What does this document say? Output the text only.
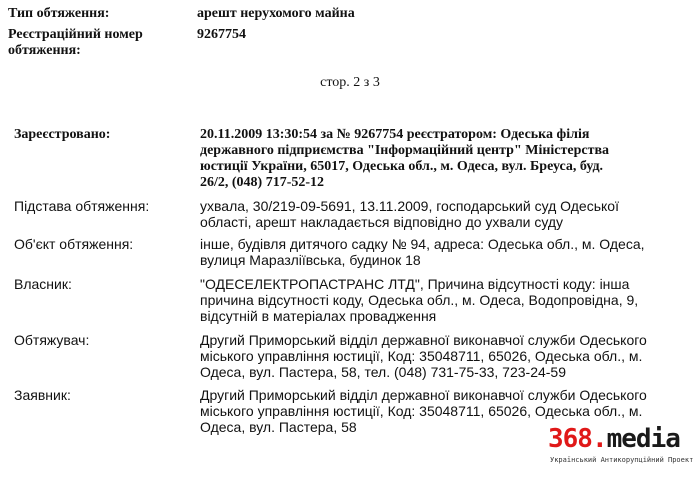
Тип обтяження:	арешт нерухомого майна
Реєстраційний номер
обтяження:
9267754
стор. 2 з 3
Зареєстровано:	20.11.2009 13:30:54 за № 9267754 реєстратором: Одеська філія
державного підприємства "Інформаційний центр" Міністерства
юстиції України, 65017, Одеська обл., м. Одеса, вул. Бреуса, буд.
26/2, (048) 717-52-12
Підстава обтяження:	ухвала, 30/219-09-5691, 13.11.2009, господарський суд Одеської
області, арешт накладається відповідно до ухвали суду
Об'єкт обтяження:	інше, будівля дитячого садку № 94, адреса: Одеська обл., м. Одеса,
вулиця Маразліївська, будинок 18
Власник:	"ОДЕСЕЛЕКТРОПАСТРАНС ЛТД", Причина відсутності коду: інша
причина відсутності коду, Одеська обл., м. Одеса, Водопровідна, 9,
відсутній в матеріалах провадження
Обтяжувач:	Другий Приморський відділ державної виконавчої служби Одеського
міського управління юстиції, Код: 35048711, 65026, Одеська обл., м.
Одеса, вул. Пастера, 58, тел. (048) 731-75-33, 723-24-59
Заявник:	Другий Приморський відділ державної виконавчої служби Одеського
міського управління юстиції, Код: 35048711, 65026, Одеська обл., м.
Одеса, вул. Пастера, 58	368.media
Український Антикорупційний Проект
